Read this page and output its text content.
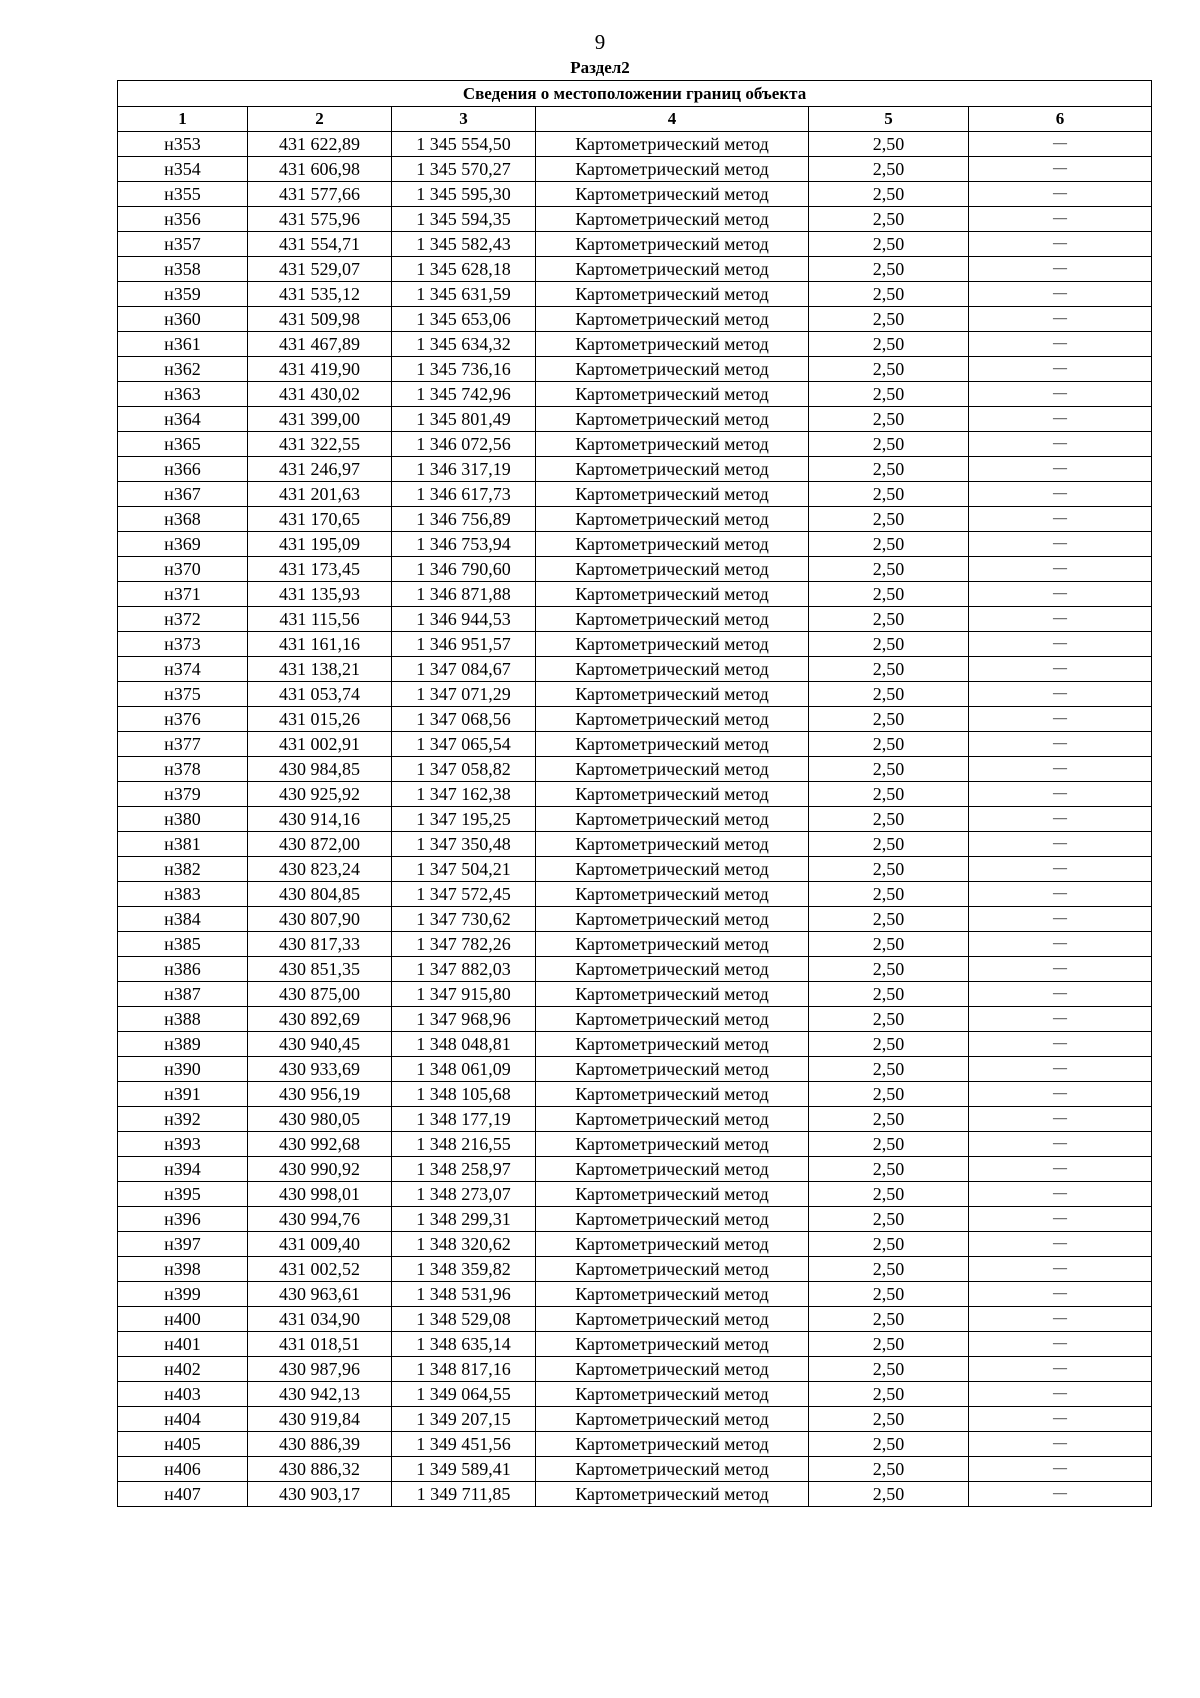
9
Раздел2
Сведения о местоположении границ объекта					
1	2	3	4	5	6
н353	431 622,89	1 345 554,50	Картометрический метод	2,50	—
н354	431 606,98	1 345 570,27	Картометрический метод	2,50	—
н355	431 577,66	1 345 595,30	Картометрический метод	2,50	—
н356	431 575,96	1 345 594,35	Картометрический метод	2,50	—
н357	431 554,71	1 345 582,43	Картометрический метод	2,50	—
н358	431 529,07	1 345 628,18	Картометрический метод	2,50	—
н359	431 535,12	1 345 631,59	Картометрический метод	2,50	—
н360	431 509,98	1 345 653,06	Картометрический метод	2,50	—
н361	431 467,89	1 345 634,32	Картометрический метод	2,50	—
н362	431 419,90	1 345 736,16	Картометрический метод	2,50	—
н363	431 430,02	1 345 742,96	Картометрический метод	2,50	—
н364	431 399,00	1 345 801,49	Картометрический метод	2,50	—
н365	431 322,55	1 346 072,56	Картометрический метод	2,50	—
н366	431 246,97	1 346 317,19	Картометрический метод	2,50	—
н367	431 201,63	1 346 617,73	Картометрический метод	2,50	—
н368	431 170,65	1 346 756,89	Картометрический метод	2,50	—
н369	431 195,09	1 346 753,94	Картометрический метод	2,50	—
н370	431 173,45	1 346 790,60	Картометрический метод	2,50	—
н371	431 135,93	1 346 871,88	Картометрический метод	2,50	—
н372	431 115,56	1 346 944,53	Картометрический метод	2,50	—
н373	431 161,16	1 346 951,57	Картометрический метод	2,50	—
н374	431 138,21	1 347 084,67	Картометрический метод	2,50	—
н375	431 053,74	1 347 071,29	Картометрический метод	2,50	—
н376	431 015,26	1 347 068,56	Картометрический метод	2,50	—
н377	431 002,91	1 347 065,54	Картометрический метод	2,50	—
н378	430 984,85	1 347 058,82	Картометрический метод	2,50	—
н379	430 925,92	1 347 162,38	Картометрический метод	2,50	—
н380	430 914,16	1 347 195,25	Картометрический метод	2,50	—
н381	430 872,00	1 347 350,48	Картометрический метод	2,50	—
н382	430 823,24	1 347 504,21	Картометрический метод	2,50	—
н383	430 804,85	1 347 572,45	Картометрический метод	2,50	—
н384	430 807,90	1 347 730,62	Картометрический метод	2,50	—
н385	430 817,33	1 347 782,26	Картометрический метод	2,50	—
н386	430 851,35	1 347 882,03	Картометрический метод	2,50	—
н387	430 875,00	1 347 915,80	Картометрический метод	2,50	—
н388	430 892,69	1 347 968,96	Картометрический метод	2,50	—
н389	430 940,45	1 348 048,81	Картометрический метод	2,50	—
н390	430 933,69	1 348 061,09	Картометрический метод	2,50	—
н391	430 956,19	1 348 105,68	Картометрический метод	2,50	—
н392	430 980,05	1 348 177,19	Картометрический метод	2,50	—
н393	430 992,68	1 348 216,55	Картометрический метод	2,50	—
н394	430 990,92	1 348 258,97	Картометрический метод	2,50	—
н395	430 998,01	1 348 273,07	Картометрический метод	2,50	—
н396	430 994,76	1 348 299,31	Картометрический метод	2,50	—
н397	431 009,40	1 348 320,62	Картометрический метод	2,50	—
н398	431 002,52	1 348 359,82	Картометрический метод	2,50	—
н399	430 963,61	1 348 531,96	Картометрический метод	2,50	—
н400	431 034,90	1 348 529,08	Картометрический метод	2,50	—
н401	431 018,51	1 348 635,14	Картометрический метод	2,50	—
н402	430 987,96	1 348 817,16	Картометрический метод	2,50	—
н403	430 942,13	1 349 064,55	Картометрический метод	2,50	—
н404	430 919,84	1 349 207,15	Картометрический метод	2,50	—
н405	430 886,39	1 349 451,56	Картометрический метод	2,50	—
н406	430 886,32	1 349 589,41	Картометрический метод	2,50	—
н407	430 903,17	1 349 711,85	Картометрический метод	2,50	—
